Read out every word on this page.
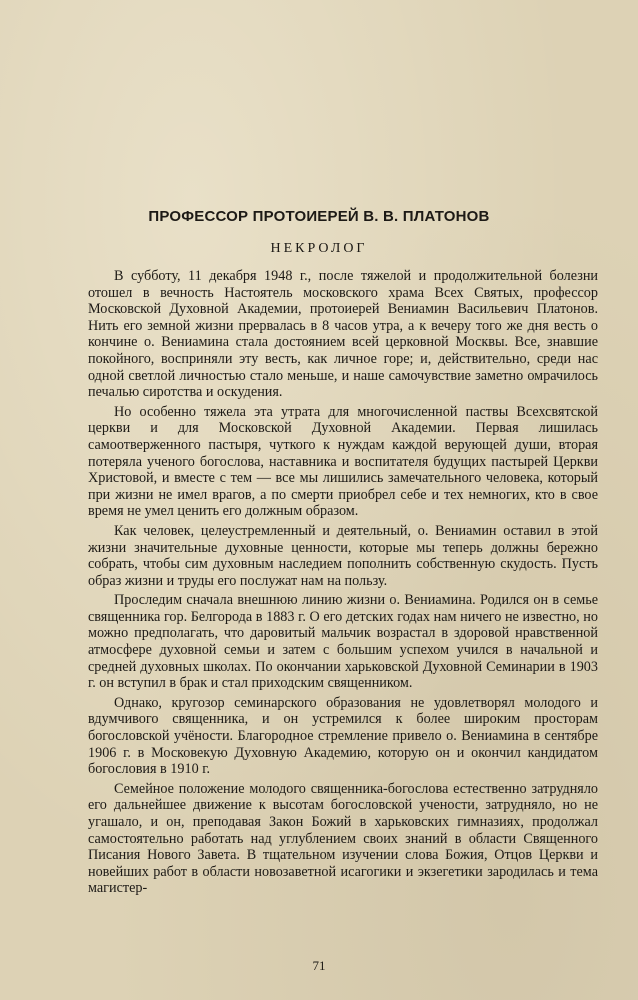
ПРОФЕССОР ПРОТОИЕРЕЙ В. В. ПЛАТОНОВ
НЕКРОЛОГ

В субботу, 11 декабря 1948 г., после тяжелой и продолжительной болезни отошел в вечность Настоятель московского храма Всех Святых, профессор Московской Духовной Академии, протоиерей Вениамин Васильевич Платонов. Нить его земной жизни прервалась в 8 часов утра, а к вечеру того же дня весть о кончине о. Вениамина стала достоянием всей церковной Москвы. Все, знавшие покойного, восприняли эту весть, как личное горе; и, действительно, среди нас одной светлой личностью стало меньше, и наше самочувствие заметно омрачилось печалью сиротства и оскудения.

Но особенно тяжела эта утрата для многочисленной паствы Всехсвятской церкви и для Московской Духовной Академии. Первая лишилась самоотверженного пастыря, чуткого к нуждам каждой верующей души, вторая потеряла ученого богослова, наставника и воспитателя будущих пастырей Церкви Христовой, и вместе с тем — все мы лишились замечательного человека, который при жизни не имел врагов, а по смерти приобрел себе и тех немногих, кто в свое время не умел ценить его должным образом.

Как человек, целеустремленный и деятельный, о. Вениамин оставил в этой жизни значительные духовные ценности, которые мы теперь должны бережно собрать, чтобы сим духовным наследием пополнить собственную скудость. Пусть образ жизни и труды его послужат нам на пользу.

Проследим сначала внешнюю линию жизни о. Вениамина. Родился он в семье священника гор. Белгорода в 1883 г. О его детских годах нам ничего не известно, но можно предполагать, что даровитый мальчик возрастал в здоровой нравственной атмосфере духовной семьи и затем с большим успехом учился в начальной и средней духовных школах. По окончании харьковской Духовной Семинарии в 1903 г. он вступил в брак и стал приходским священником.

Однако, кругозор семинарского образования не удовлетворял молодого и вдумчивого священника, и он устремился к более широким просторам богословской учёности. Благородное стремление привело о. Вениамина в сентябре 1906 г. в Московекую Духовную Академию, которую он и окончил кандидатом богословия в 1910 г.

Семейное положение молодого священника-богослова естественно затрудняло его дальнейшее движение к высотам богословской учености, затрудняло, но не угашало, и он, преподавая Закон Божий в харьковских гимназиях, продолжал самостоятельно работать над углублением своих знаний в области Священного Писания Нового Завета. В тщательном изучении слова Божия, Отцов Церкви и новейших работ в области новозаветной исагогики и экзегетики зародилась и тема магистер-

71
